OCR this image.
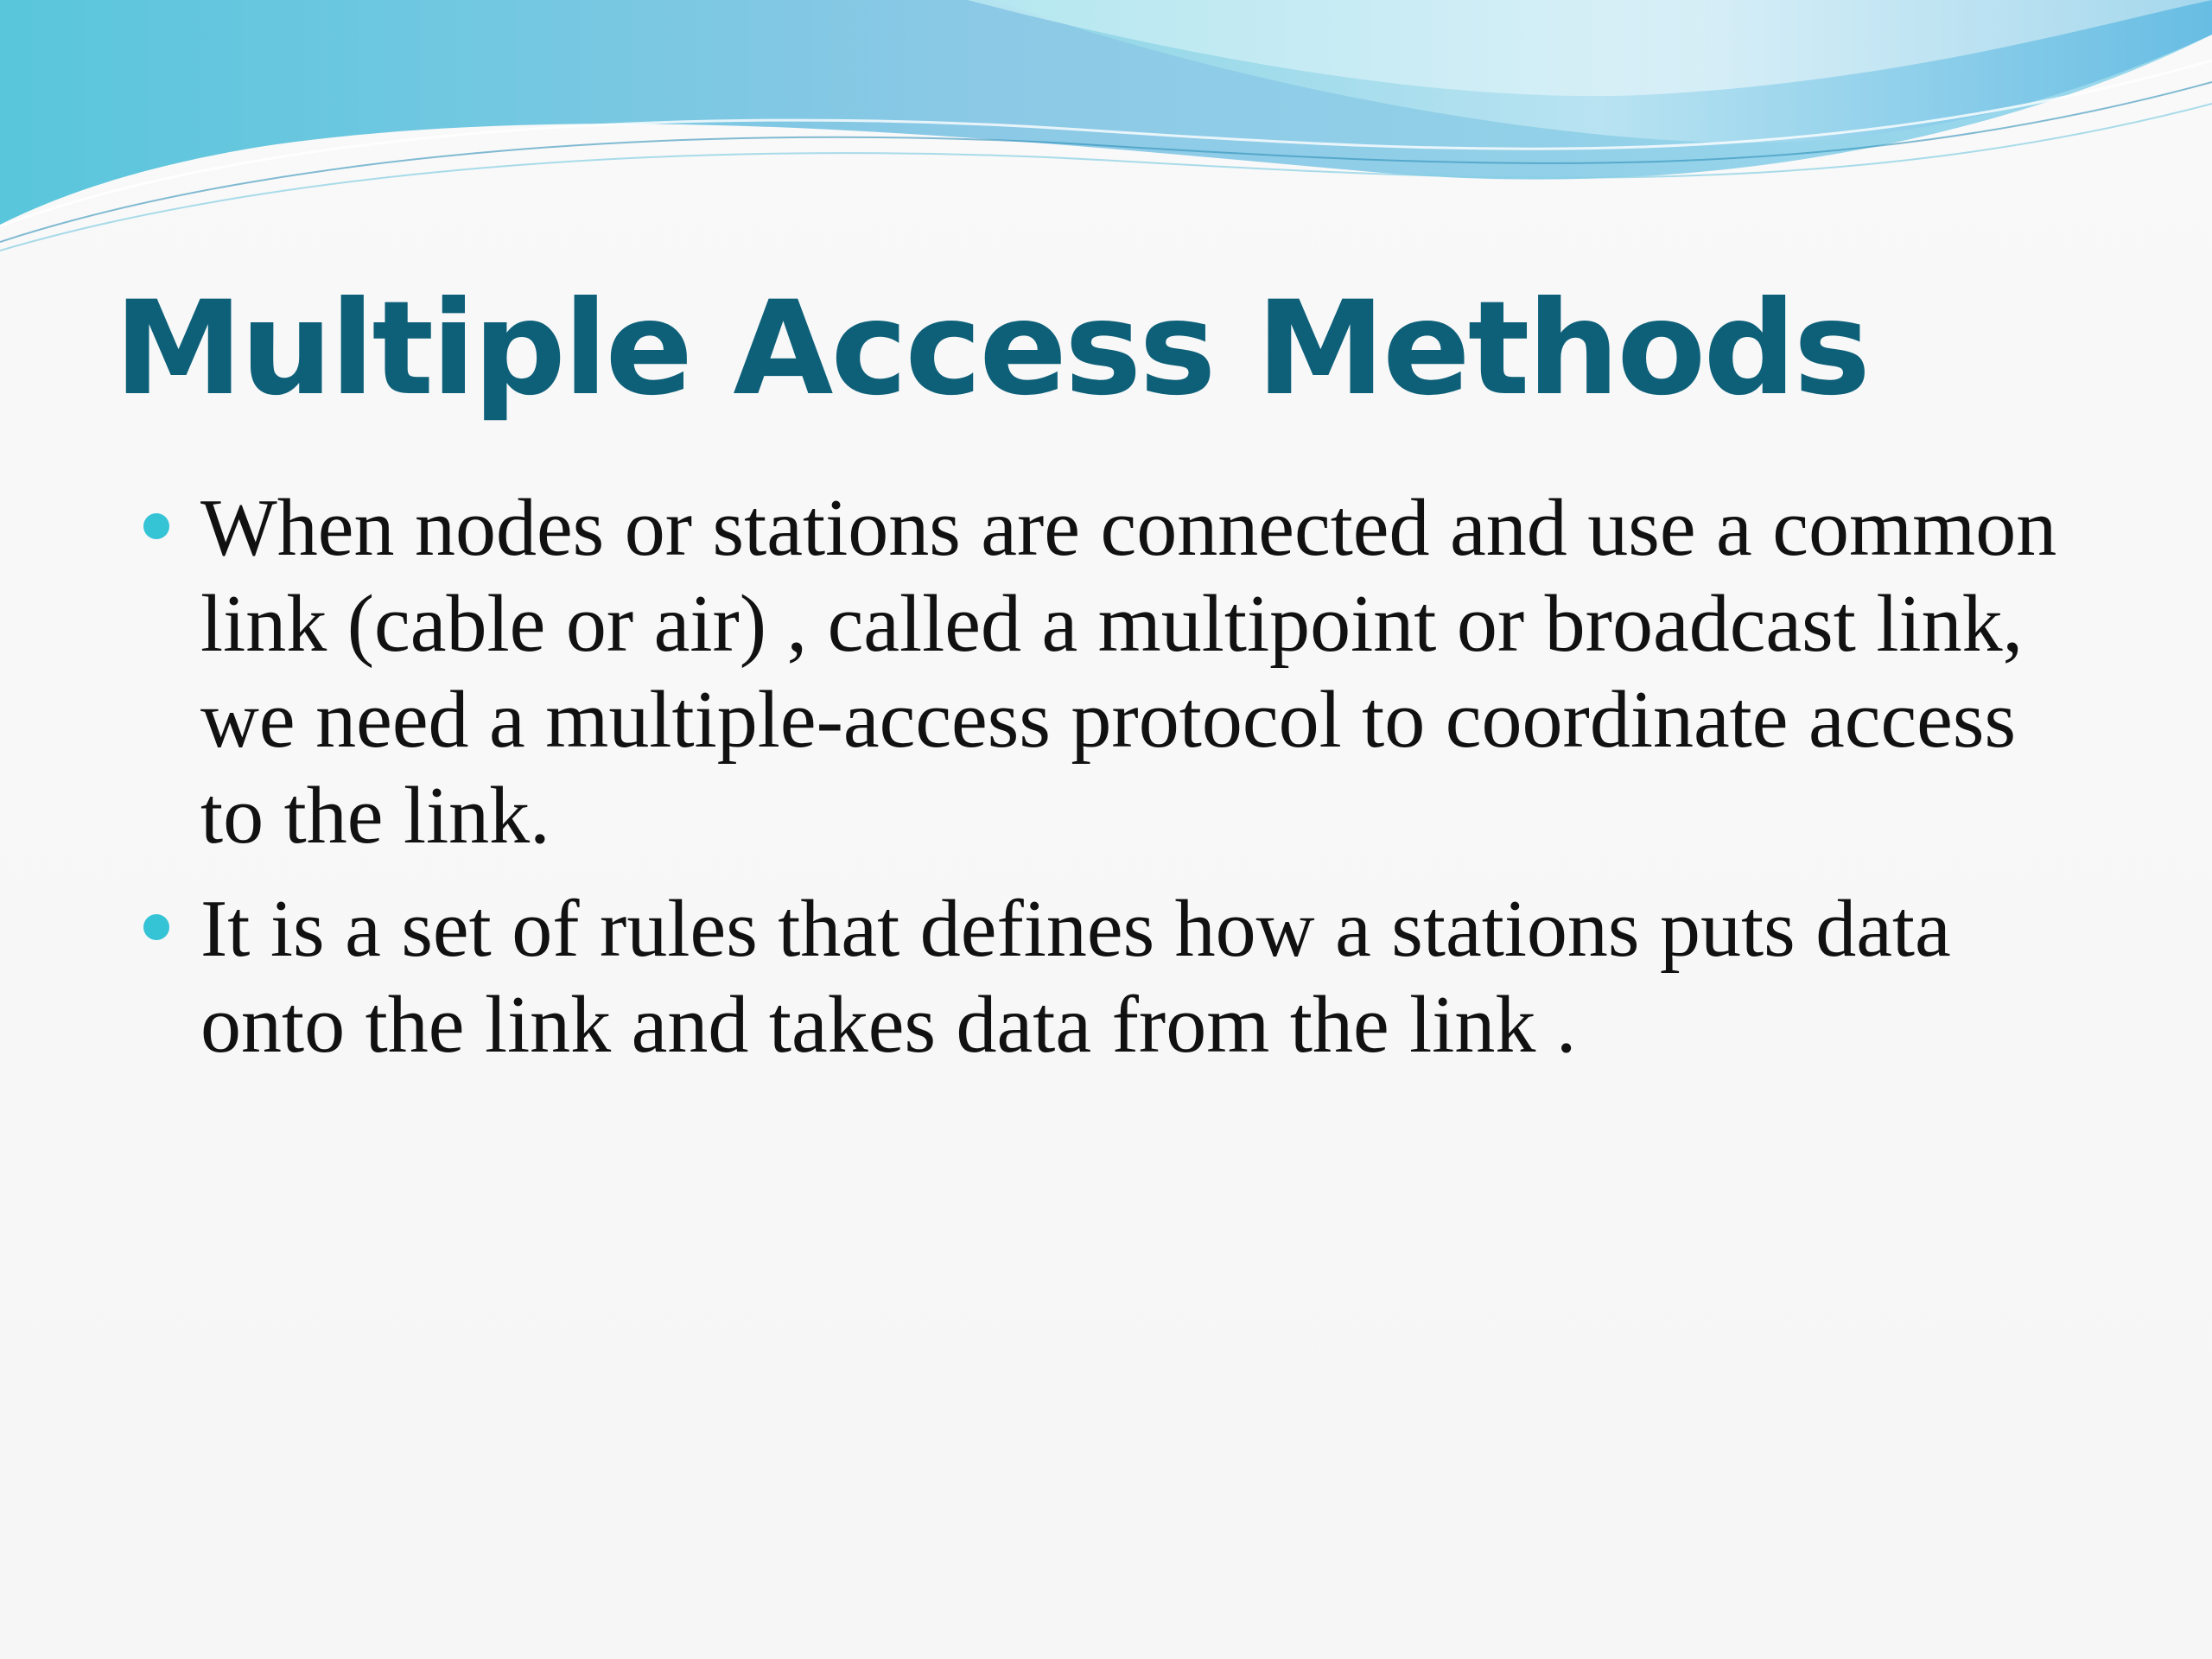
Multiple Access Methods
When nodes or stations are connected and use a common link (cable or air) , called a multipoint or broadcast link, we need a multiple-access protocol to coordinate access to the link.
It is a set of rules that defines how a stations puts data onto the link and takes data from the link .
